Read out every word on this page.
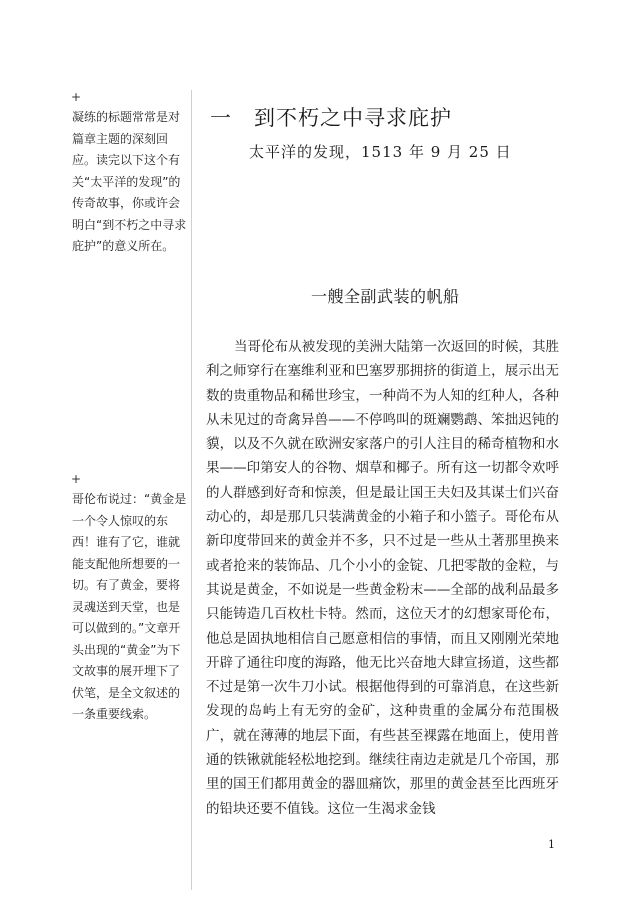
+
凝练的标题常常是对篇章主题的深刻回应。读完以下这个有关“太平洋的发现”的传奇故事，你或许会明白“到不朽之中寻求庇护”的意义所在。
+
哥伦布说过：“黄金是一个令人惊叹的东西！谁有了它，谁就能支配他所想要的一切。有了黄金，要将灵魂送到天堂，也是可以做到的。”文章开头出现的“黄金”为下文故事的展开埋下了伏笔，是全文叙述的一条重要线索。
一 到不朽之中寻求庇护
太平洋的发现，1513 年 9 月 25 日
一艘全副武装的帆船

当哥伦布从被发现的美洲大陆第一次返回的时候，其胜利之师穿行在塞维利亚和巴塞罗那拥挤的街道上，展示出无数的贵重物品和稀世珍宝，一种尚不为人知的红种人，各种从未见过的奇禽异兽——不停鸣叫的斑斓鹦鹉、笨拙迟钝的貘，以及不久就在欧洲安家落户的引人注目的稀奇植物和水果——印第安人的谷物、烟草和椰子。所有这一切都令欢呼的人群感到好奇和惊羡，但是最让国王夫妇及其谋士们兴奋动心的，却是那几只装满黄金的小箱子和小篮子。哥伦布从新印度带回来的黄金并不多，只不过是一些从土著那里换来或者抢来的装饰品、几个小小的金锭、几把零散的金粒，与其说是黄金，不如说是一些黄金粉末——全部的战利品最多只能铸造几百枚杜卡特。然而，这位天才的幻想家哥伦布，他总是固执地相信自己愿意相信的事情，而且又刚刚光荣地开辟了通往印度的海路，他无比兴奋地大肆宣扬道，这些都不过是第一次牛刀小试。根据他得到的可靠消息，在这些新发现的岛屿上有无穷的金矿，这种贵重的金属分布范围极广，就在薄薄的地层下面，有些甚至裸露在地面上，使用普通的铁锹就能轻松地挖到。继续往南边走就是几个帝国，那里的国王们都用黄金的器皿痛饮，那里的黄金甚至比西班牙的铅块还要不值钱。这位一生渴求金钱

1
